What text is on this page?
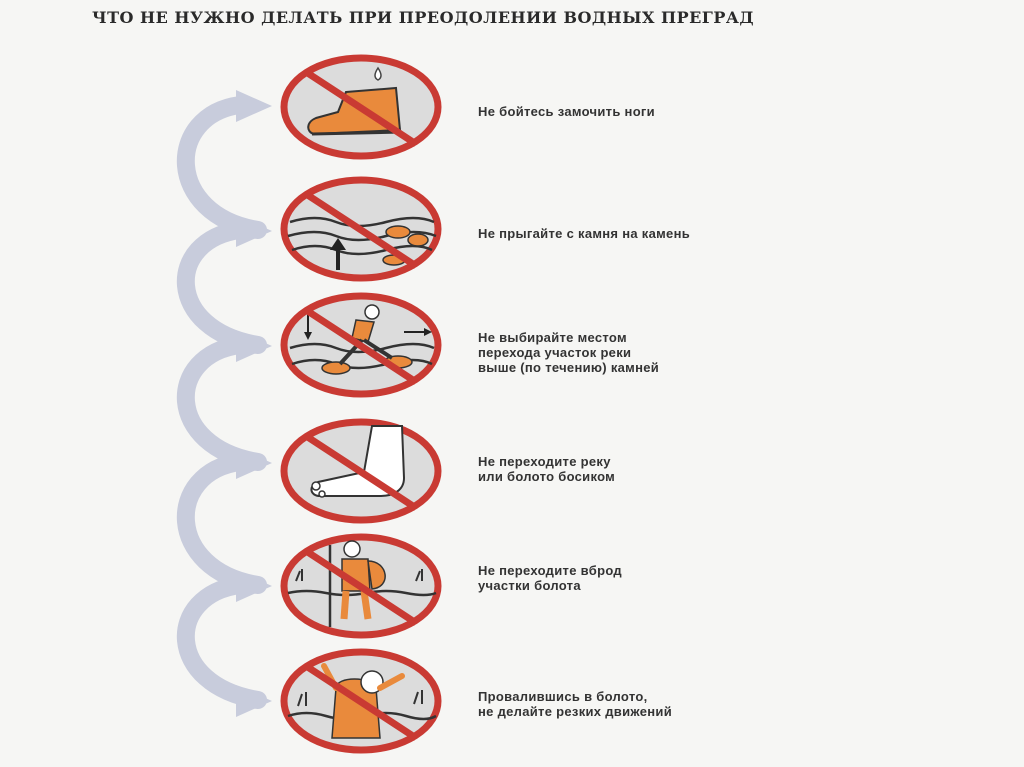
ЧТО НЕ НУЖНО ДЕЛАТЬ ПРИ ПРЕОДОЛЕНИИ ВОДНЫХ ПРЕГРАД
Не бойтесь замочить ноги
Не прыгайте с камня на камень
Не выбирайте местом
перехода участок реки
выше (по течению) камней
Не переходите реку
или болото босиком
Не переходите вброд
участки болота
Провалившись в болото,
не делайте резких движений
